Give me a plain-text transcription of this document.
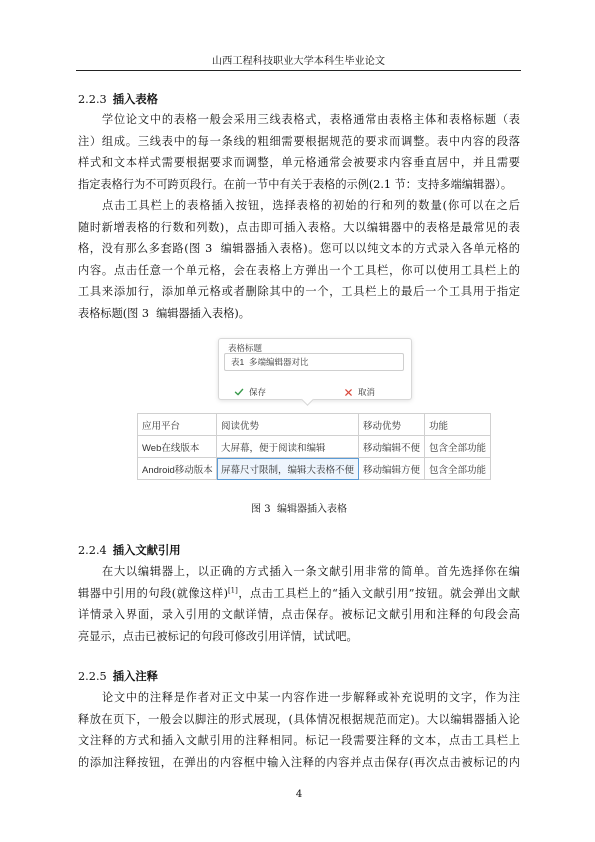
山西工程科技职业大学本科生毕业论文
2.2.3 插入表格
学位论文中的表格一般会采用三线表格式，表格通常由表格主体和表格标题（表
注）组成。三线表中的每一条线的粗细需要根据规范的要求而调整。表中内容的段落
样式和文本样式需要根据要求而调整，单元格通常会被要求内容垂直居中，并且需要
指定表格行为不可跨页段行。在前一节中有关于表格的示例(2.1 节：支持多端编辑器）。
点击工具栏上的表格插入按钮，选择表格的初始的行和列的数量(你可以在之后
随时新增表格的行数和列数)，点击即可插入表格。大以编辑器中的表格是最常见的表
格，没有那么多套路(图 3  编辑器插入表格)。您可以以纯文本的方式录入各单元格的
内容。点击任意一个单元格，会在表格上方弹出一个工具栏，你可以使用工具栏上的
工具来添加行，添加单元格或者删除其中的一个，工具栏上的最后一个工具用于指定
表格标题(图 3  编辑器插入表格)。
表格标题
表1  多端编辑器对比
保存	取消
应用平台	阅读优势	移动优势	功能
Web在线版本	大屏幕，便于阅读和编辑	移动编辑不便	包含全部功能
Android移动版本	屏幕尺寸限制，编辑大表格不便	移动编辑方便	包含全部功能
图 3  编辑器插入表格
2.2.4 插入文献引用
在大以编辑器上，以正确的方式插入一条文献引用非常的简单。首先选择你在编
辑器中引用的句段(就像这样)[1]，点击工具栏上的“插入文献引用”按钮。就会弹出文献
详情录入界面，录入引用的文献详情，点击保存。被标记文献引用和注释的句段会高
亮显示，点击已被标记的句段可修改引用详情，试试吧。
2.2.5 插入注释
论文中的注释是作者对正文中某一内容作进一步解释或补充说明的文字，作为注
释放在页下，一般会以脚注的形式展现，(具体情况根据规范而定)。大以编辑器插入论
文注释的方式和插入文献引用的注释相同。标记一段需要注释的文本，点击工具栏上
的添加注释按钮，在弹出的内容框中输入注释的内容并点击保存(再次点击被标记的内
4
